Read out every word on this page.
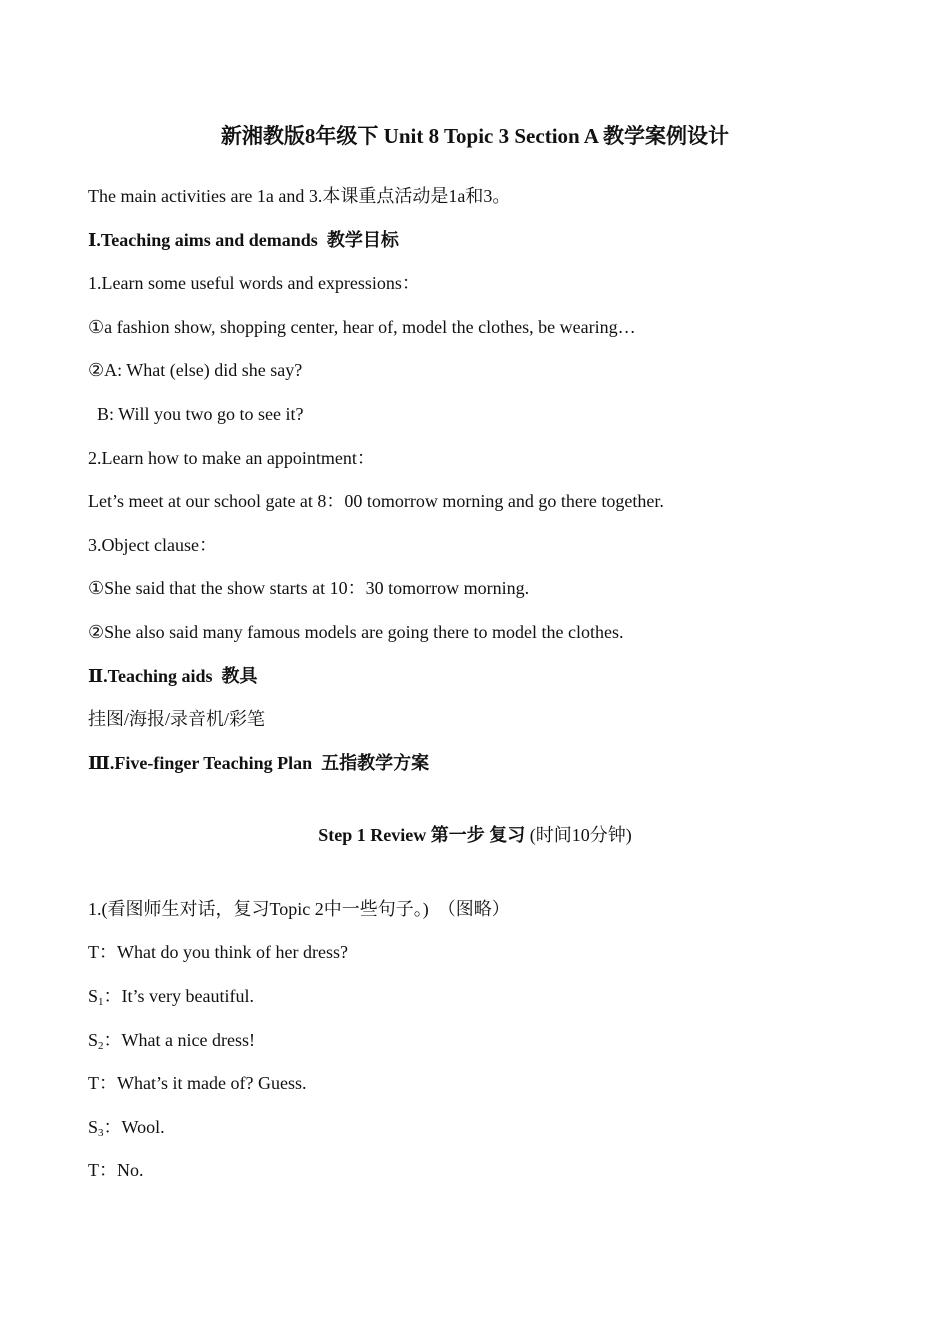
新湘教版8年级下 Unit 8 Topic 3 Section A 教学案例设计

The main activities are 1a and 3.本课重点活动是1a和3。

Ⅰ.Teaching aims and demands  教学目标

1.Learn some useful words and expressions：

①a fashion show, shopping center, hear of, model the clothes, be wearing…

②A: What (else) did she say?

B: Will you two go to see it?

2.Learn how to make an appointment：

Let’s meet at our school gate at 8：00 tomorrow morning and go there together.

3.Object clause：

①She said that the show starts at 10：30 tomorrow morning.

②She also said many famous models are going there to model the clothes.

Ⅱ.Teaching aids  教具

挂图/海报/录音机/彩笔

Ⅲ.Five-finger Teaching Plan  五指教学方案

Step 1 Review 第一步 复习 (时间10分钟)

1.(看图师生对话，复习Topic 2中一些句子。)  （图略）

T：What do you think of her dress?

$S_1$：It’s very beautiful.

$S_2$：What a nice dress!

T：What’s it made of? Guess.

$S_3$：Wool.

T：No.
